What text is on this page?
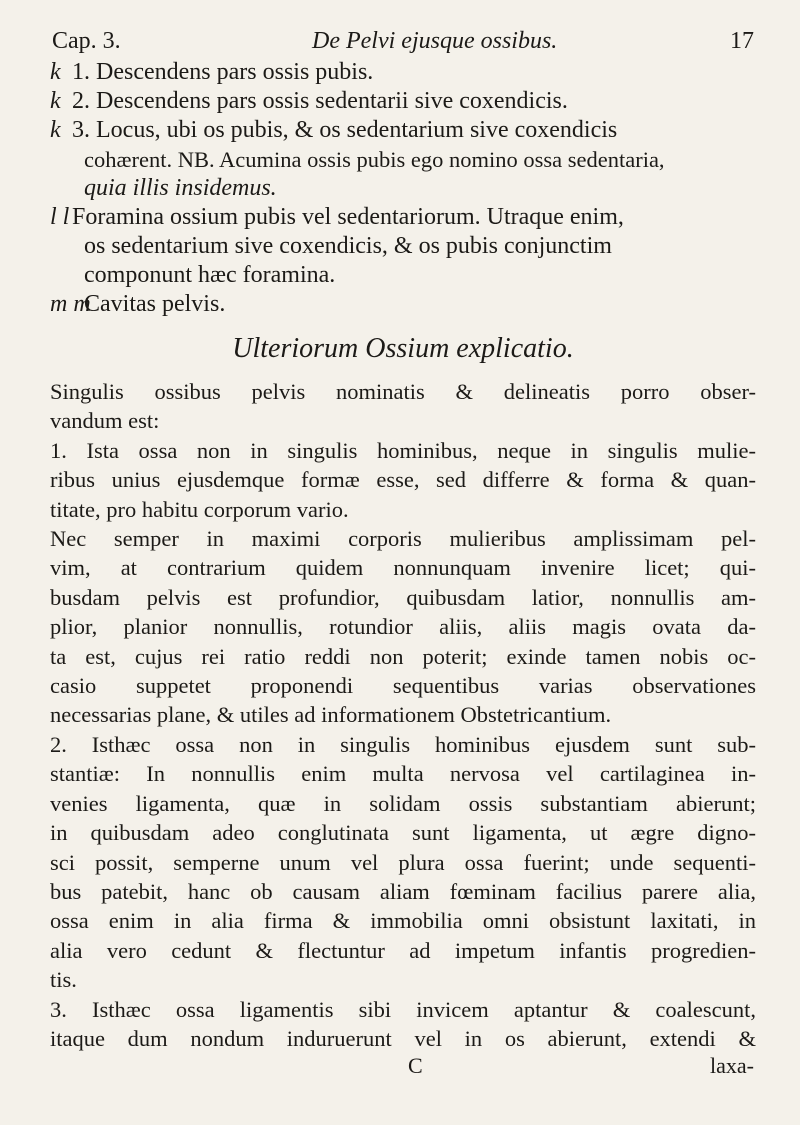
Cap. 3.	De Pelvi ejusque ossibus.	17
k 1. Descendens pars ossis pubis.
k 2. Descendens pars ossis sedentarii sive coxendicis.
k 3. Locus, ubi os pubis, & os sedentarium sive coxendicis
cohærent. NB. Acumina ossis pubis ego nomino ossa sedentaria,
quia illis insidemus.
l l Foramina ossium pubis vel sedentariorum. Utraque enim,
os sedentarium sive coxendicis, & os pubis conjunctim
componunt hæc foramina.
m mCavitas pelvis.
Ulteriorum Ossium explicatio.
Singulis ossibus pelvis nominatis & delineatis porro obser-
vandum est:
1. Ista ossa non in singulis hominibus, neque in singulis mulie-
ribus unius ejusdemque formæ esse, sed differre & forma & quan-
titate, pro habitu corporum vario.
Nec semper in maximi corporis mulieribus amplissimam pel-
vim, at contrarium quidem nonnunquam invenire licet; qui-
busdam pelvis est profundior, quibusdam latior, nonnullis am-
plior, planior nonnullis, rotundior aliis, aliis magis ovata da-
ta est, cujus rei ratio reddi non poterit; exinde tamen nobis oc-
casio suppetet proponendi sequentibus varias observationes
necessarias plane, & utiles ad informationem Obstetricantium.
2. Isthæc ossa non in singulis hominibus ejusdem sunt sub-
stantiæ: In nonnullis enim multa nervosa vel cartilaginea in-
venies ligamenta, quæ in solidam ossis substantiam abierunt;
in quibusdam adeo conglutinata sunt ligamenta, ut ægre digno-
sci possit, semperne unum vel plura ossa fuerint; unde sequenti-
bus patebit, hanc ob causam aliam fœminam facilius parere alia,
ossa enim in alia firma & immobilia omni obsistunt laxitati, in
alia vero cedunt & flectuntur ad impetum infantis progredien-
tis.
3. Isthæc ossa ligamentis sibi invicem aptantur & coalescunt,
itaque dum nondum induruerunt vel in os abierunt, extendi &
C	laxa-
